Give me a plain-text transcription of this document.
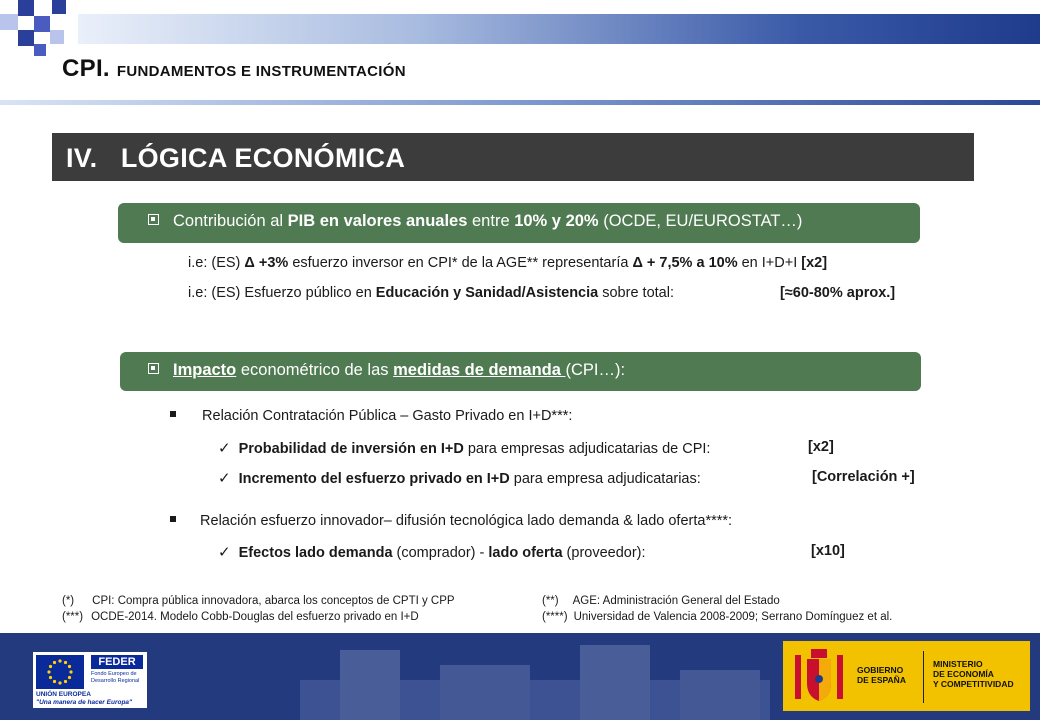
CPI. FUNDAMENTOS E INSTRUMENTACIÓN
IV.   LÓGICA ECONÓMICA
Contribución al PIB en valores anuales entre 10% y 20% (OCDE, EU/EUROSTAT…)
i.e: (ES) Δ +3% esfuerzo inversor en CPI* de la AGE** representaría Δ + 7,5% a 10% en I+D+I [x2]
i.e: (ES) Esfuerzo público en Educación y Sanidad/Asistencia sobre total:	[≈60-80% aprox.]
Impacto econométrico de las medidas de demanda (CPI…):
Relación Contratación Pública – Gasto Privado en I+D***:
✓ Probabilidad de inversión en I+D para empresas adjudicatarias de CPI:	[x2]
✓ Incremento del esfuerzo privado en I+D para empresa adjudicatarias:	[Correlación +]
Relación esfuerzo innovador– difusión tecnológica lado demanda & lado oferta****:
✓ Efectos lado demanda (comprador) - lado oferta (proveedor):	[x10]
(*) CPI: Compra pública innovadora, abarca los conceptos de CPTI y CPP	(**) AGE: Administración General del Estado
(***) OCDE-2014. Modelo Cobb-Douglas del esfuerzo privado en I+D	(****) Universidad de Valencia 2008-2009; Serrano Domínguez et al.
FEDER
Fondo Europeo de Desarrollo Regional
UNIÓN EUROPEA
"Una manera de hacer Europa"
GOBIERNO
DE ESPAÑA
MINISTERIO
DE ECONOMÍA
Y COMPETITIVIDAD
